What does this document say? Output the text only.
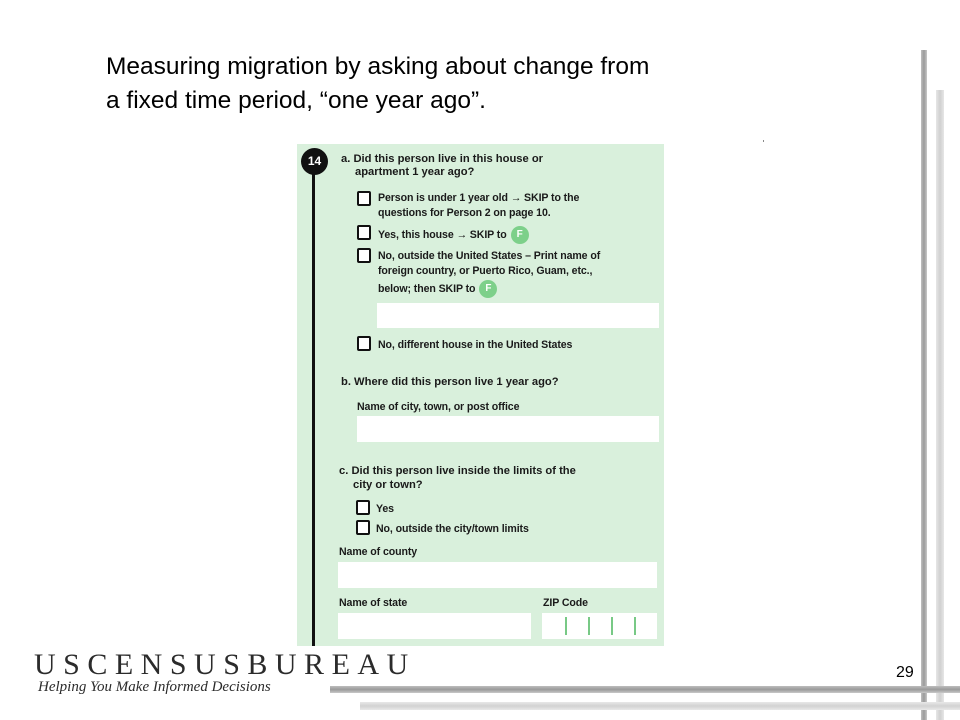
Measuring migration by asking about change from
a fixed time period, “one year ago”.
14	a. Did this person live in this house or
apartment 1 year ago?
Person is under 1 year old → SKIP to the
questions for Person 2 on page 10.
Yes, this house → SKIP to F
No, outside the United States – Print name of
foreign country, or Puerto Rico, Guam, etc.,
below; then SKIP to F
No, different house in the United States
b. Where did this person live 1 year ago?
Name of city, town, or post office
c. Did this person live inside the limits of the
city or town?
Yes
No, outside the city/town limits
Name of county
Name of state	ZIP Code
USCENSUSBUREAU
Helping You Make Informed Decisions
29
